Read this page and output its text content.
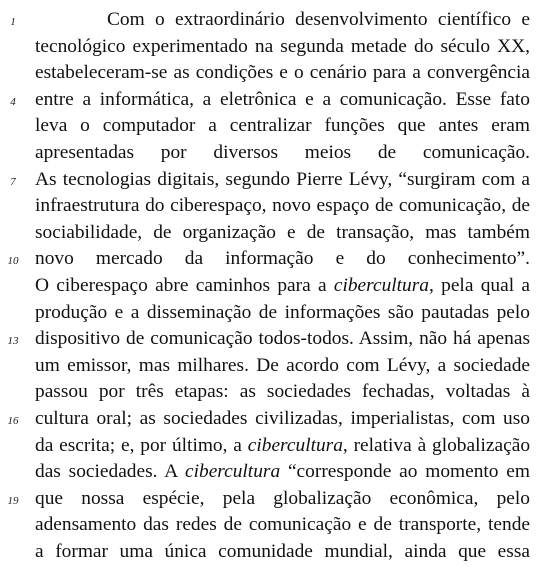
1	Com o extraordinário desenvolvimento científico e
tecnológico experimentado na segunda metade do século XX,
estabeleceram-se as condições e o cenário para a convergência
4 entre a informática, a eletrônica e a comunicação. Esse fato
leva o computador a centralizar funções que antes eram
apresentadas por diversos meios de comunicação.
7 As tecnologias digitais, segundo Pierre Lévy, “surgiram com a
infraestrutura do ciberespaço, novo espaço de comunicação, de
sociabilidade, de organização e de transação, mas também
10 novo mercado da informação e do conhecimento”.
O ciberespaço abre caminhos para a cibercultura, pela qual a
produção e a disseminação de informações são pautadas pelo
13 dispositivo de comunicação todos-todos. Assim, não há apenas
um emissor, mas milhares. De acordo com Lévy, a sociedade
passou por três etapas: as sociedades fechadas, voltadas à
16 cultura oral; as sociedades civilizadas, imperialistas, com uso
da escrita; e, por último, a cibercultura, relativa à globalização
das sociedades. A cibercultura “corresponde ao momento em
19 que nossa espécie, pela globalização econômica, pelo
adensamento das redes de comunicação e de transporte, tende
a formar uma única comunidade mundial, ainda que essa
